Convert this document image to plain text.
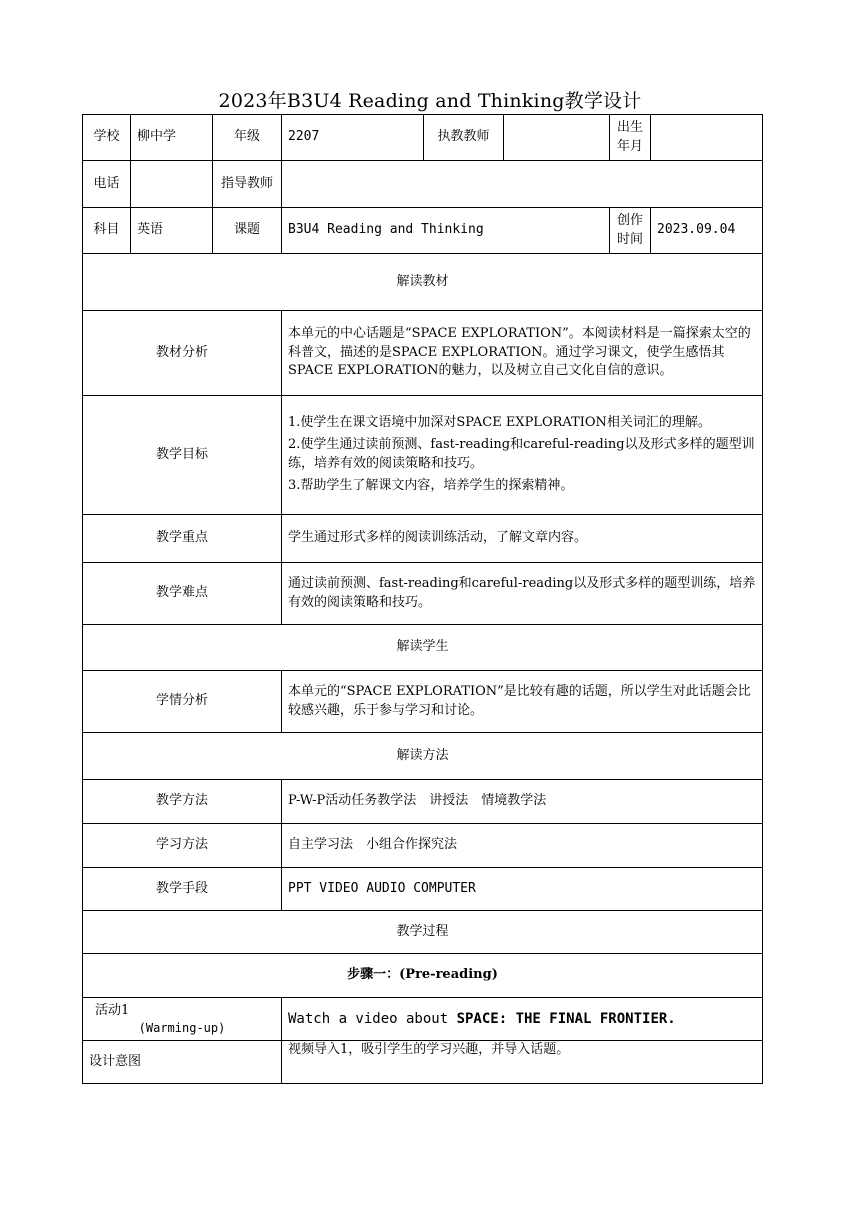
2023年B3U4 Reading and Thinking教学设计
学校	柳中学	年级	2207	执教教师		出生年月	
电话		指导教师					
科目	英语	课题	B3U4 Reading and Thinking			创作时间	2023.09.04
解读教材							
教材分析			本单元的中心话题是“SPACE EXPLORATION”。本阅读材料是一篇探索太空的科普文，描述的是SPACE EXPLORATION。通过学习课文，使学生感悟其SPACE EXPLORATION的魅力，以及树立自己文化自信的意识。				
教学目标			1.使学生在课文语境中加深对SPACE EXPLORATION相关词汇的理解。

2.使学生通过读前预测、fast-reading和careful-reading以及形式多样的题型训练，培养有效的阅读策略和技巧。

3.帮助学生了解课文内容，培养学生的探索精神。				

教学重点			学生通过形式多样的阅读训练活动，了解文章内容。				
教学难点			通过读前预测、fast-reading和careful-reading以及形式多样的题型训练，培养有效的阅读策略和技巧。				
解读学生							
学情分析			本单元的“SPACE EXPLORATION”是比较有趣的话题，所以学生对此话题会比较感兴趣，乐于参与学习和讨论。				
解读方法							
教学方法			P-W-P活动任务教学法　讲授法　情境教学法				
学习方法			自主学习法　小组合作探究法				
教学手段			PPT VIDEO AUDIO COMPUTER				
教学过程							
步骤一：(Pre-reading)							

活动1
(Warming-up)			Watch a video about SPACE: THE FINAL FRONTIER.				
设计意图			视频导入1，吸引学生的学习兴趣，并导入话题。				
